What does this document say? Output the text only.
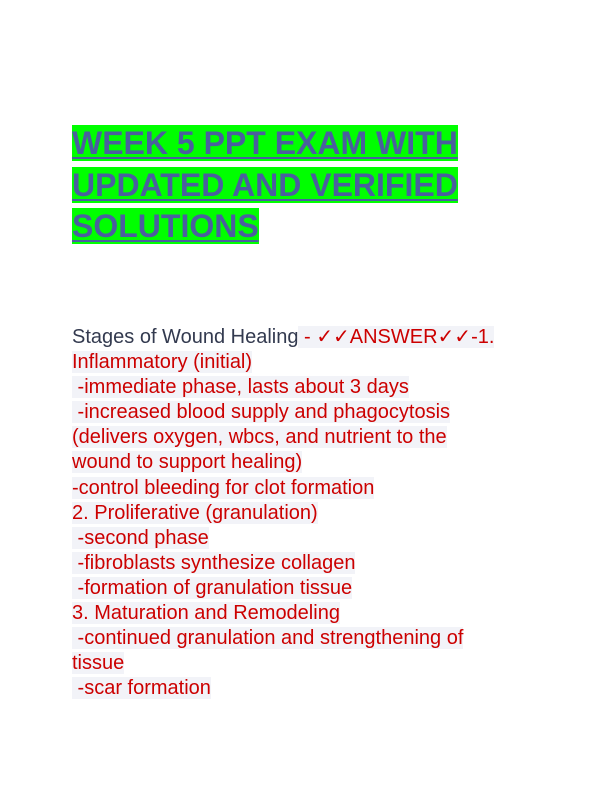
WEEK 5 PPT EXAM WITH
UPDATED AND VERIFIED
SOLUTIONS
Stages of Wound Healing - ✓✓ANSWER✓✓-1.
Inflammatory (initial)
-immediate phase, lasts about 3 days
-increased blood supply and phagocytosis
(delivers oxygen, wbcs, and nutrient to the
wound to support healing)
-control bleeding for clot formation
2. Proliferative (granulation)
-second phase
-fibroblasts synthesize collagen
-formation of granulation tissue
3. Maturation and Remodeling
-continued granulation and strengthening of
tissue
-scar formation
